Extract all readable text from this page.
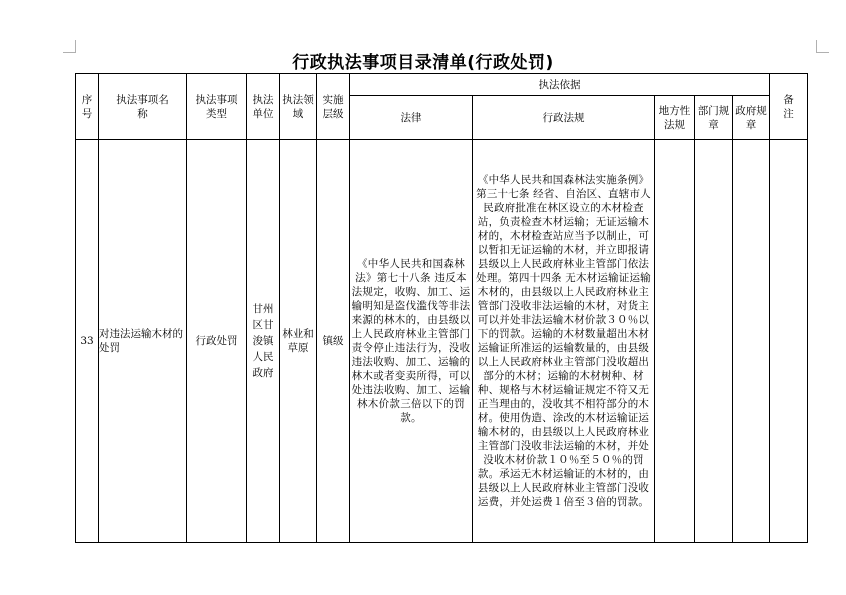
行政执法事项目录清单(行政处罚)
序号	执法事项名称	执法事项类型	执法单位	执法领域	实施层级	执法依据					备注

						法律	行政法规	地方性法规	部门规章	政府规章	

33	对违法运输木材的处罚	行政处罚	甘州区甘浚镇人民政府	林业和草原	镇级	《中华人民共和国森林法》第七十八条 违反本法规定，收购、加工、运输明知是盗伐滥伐等非法来源的林木的，由县级以上人民政府林业主管部门责令停止违法行为，没收违法收购、加工、运输的林木或者变卖所得，可以处违法收购、加工、运输林木价款三倍以下的罚款。	《中华人民共和国森林法实施条例》第三十七条 经省、自治区、直辖市人民政府批准在林区设立的木材检查站，负责检查木材运输；无证运输木材的，木材检查站应当予以制止，可以暂扣无证运输的木材，并立即报请县级以上人民政府林业主管部门依法处理。第四十四条 无木材运输证运输木材的，由县级以上人民政府林业主管部门没收非法运输的木材，对货主可以并处非法运输木材价款３０％以下的罚款。运输的木材数量超出木材运输证所准运的运输数量的，由县级以上人民政府林业主管部门没收超出部分的木材；运输的木材树种、材种、规格与木材运输证规定不符又无正当理由的，没收其不相符部分的木材。使用伪造、涂改的木材运输证运输木材的，由县级以上人民政府林业主管部门没收非法运输的木材，并处没收木材价款１０％至５０％的罚款。承运无木材运输证的木材的，由县级以上人民政府林业主管部门没收运费，并处运费１倍至３倍的罚款。				
